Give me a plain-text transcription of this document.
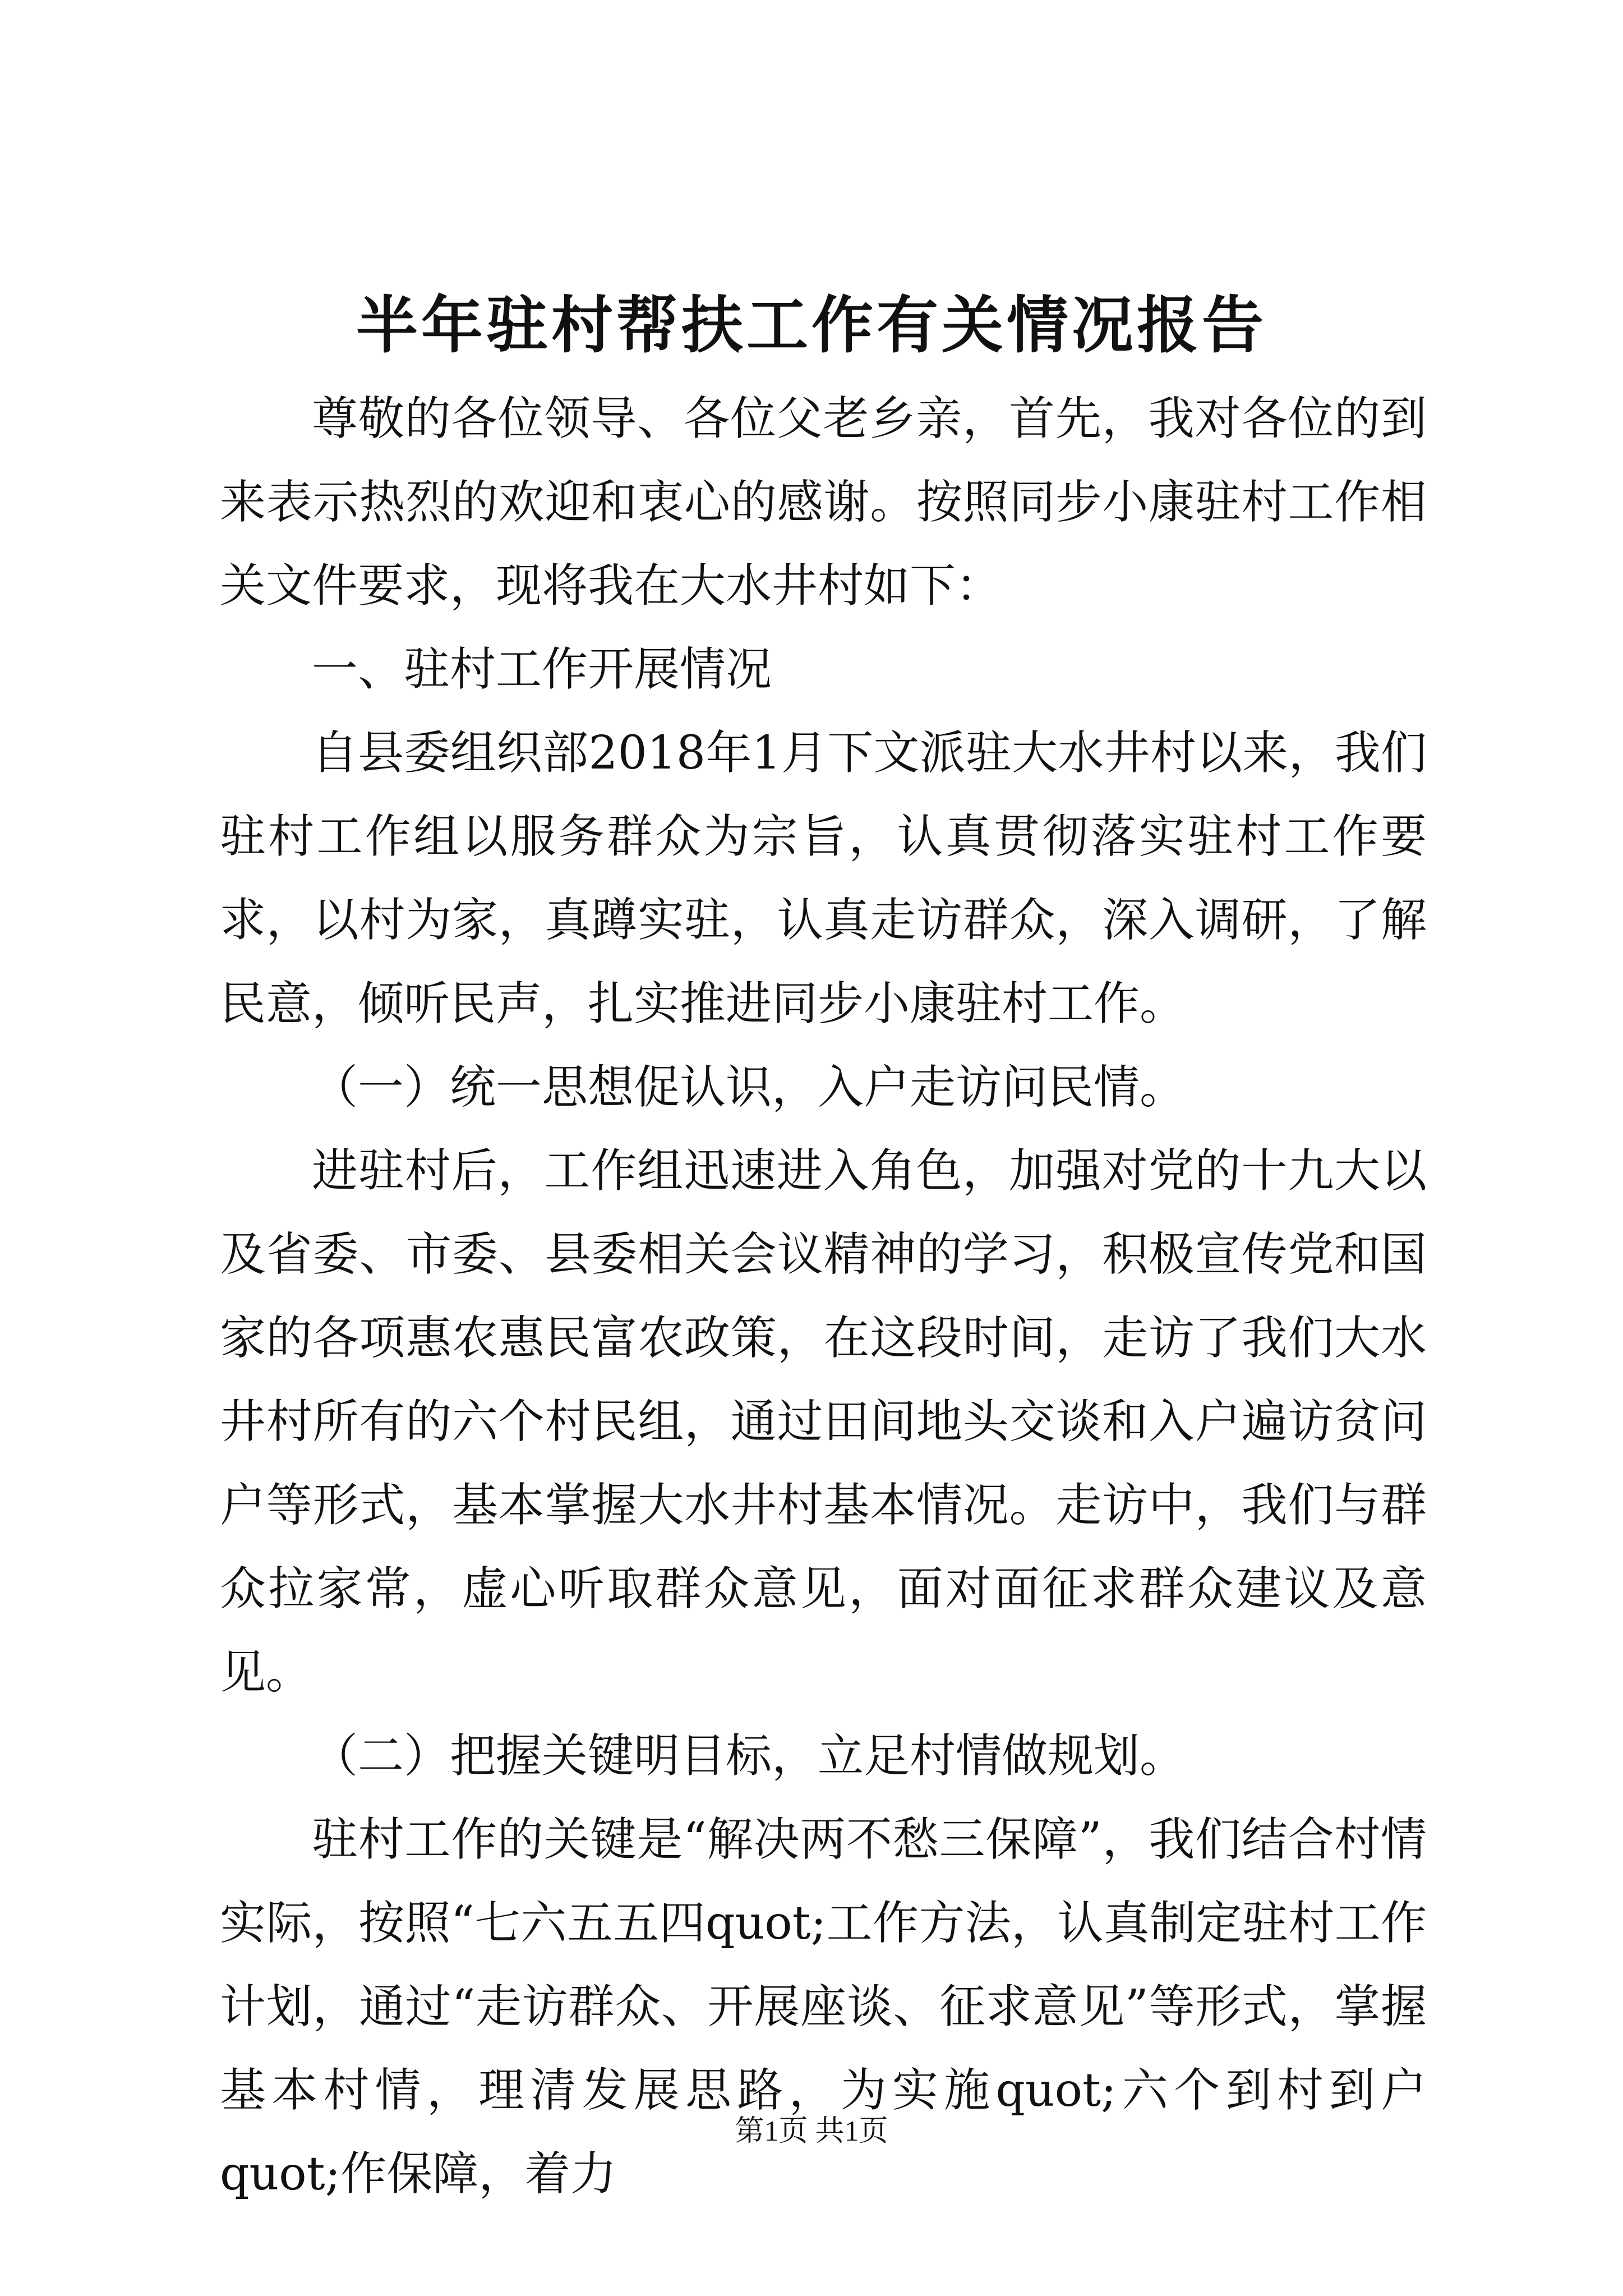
半年驻村帮扶工作有关情况报告

尊敬的各位领导、各位父老乡亲，首先，我对各位的到来表示热烈的欢迎和衷心的感谢。按照同步小康驻村工作相关文件要求，现将我在大水井村如下：

一、驻村工作开展情况

自县委组织部2018年1月下文派驻大水井村以来，我们驻村工作组以服务群众为宗旨，认真贯彻落实驻村工作要求，以村为家，真蹲实驻，认真走访群众，深入调研，了解民意，倾听民声，扎实推进同步小康驻村工作。

（一）统一思想促认识，入户走访问民情。

进驻村后，工作组迅速进入角色，加强对党的十九大以及省委、市委、县委相关会议精神的学习，积极宣传党和国家的各项惠农惠民富农政策，在这段时间，走访了我们大水井村所有的六个村民组，通过田间地头交谈和入户遍访贫问户等形式，基本掌握大水井村基本情况。走访中，我们与群众拉家常，虚心听取群众意见，面对面征求群众建议及意见。

（二）把握关键明目标，立足村情做规划。

驻村工作的关键是“解决两不愁三保障”，我们结合村情实际，按照“七六五五四quot;工作方法，认真制定驻村工作计划，通过“走访群众、开展座谈、征求意见”等形式，掌握基本村情，理清发展思路，为实施quot;六个到村到户quot;作保障，着力

第1页 共1页
